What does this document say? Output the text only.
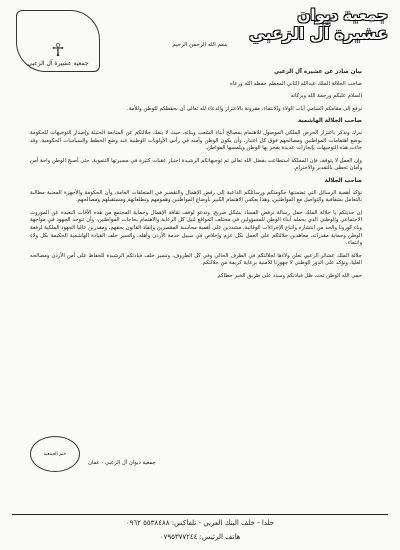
☥
جمعية عشيرة آل الزعبي
جمعية ديوان
عشيرة آل الزعبي
بسم الله الرحمن الرحيم

بيان صادر عن عشيرة آل الزعبي

صاحب الجلالة الملك عبدالله الثاني المعظم حفظه الله ورعاه

السلام عليكم ورحمة الله وبركاته

نرفع إلى مقامكم السامي آيات الولاء والانتماء، مقرونة بالاعتزاز والدعاء لله تعالى أن يحفظكم للوطن وللأمة.

صاحب الجلالة الهاشمية

نبرك ونذكر باعتزاز الحرص الملكي الموصول للاهتمام بمصالح أبناء الشعب وبنائه، حيث لا ينفك جلالتكم عن المتابعة الحثيثة وإصدار التوجيهات للحكومة بوضع اهتمامات المواطنين ومصالحهم فوق كل اعتبار، وأن يكون الوطن وأمنه في رأس الأولويات الوطنية عند وضع الخطط والسياسات الحكومية، وقد جاءت هذه التوجيهات بإنجازات عديدة يفخر بها الوطن ويلمسها المواطن.

وإن العمل لا يتوقف فإن المملكة استطاعت بفضل الله تعالى ثم توجيهاتكم الرشيدة اجتياز عقبات كثيرة في مسيرتها التنموية، حتى أصبح الوطن واحة أمن وأمان تحظى بالتقدير والاحترام.

صاحب الجلالة

نؤكد أهمية الرسائل التي تضمنتها حكومتكم ورسائلكم الداعية إلى رفض الإهمال والتقصير في المتعلقات العامة، وأن الحكومة والأجهزة المعنية مطالبة بالتعامل بشفافية والتواصل مع المواطنين، وهذا يعكس الاهتمام الكبير بأوضاع المواطنين وهمومهم وتطلعاتهم ومستقبلهم ومصالحهم.

إن حديثكم يا جلالة الملك حمل رسالة ترفض الفساد بشكل صريح، وتدعو لوقف ثقافة الإهمال وحماية المجتمع من هذه الآفات البعيدة عن الموروث الاجتماعي والوطني الذي يحمله أبناء الوطن للمسؤولين في مختلف المواقع لنيل كل الرعاية والاهتمام بحاجات المواطنين، وأن تتوحد الجهود في مواجهة وباء كورونا والحد من انتشاره واتباع الإجراءات الوقائية، مشددين على أهمية محاسبة المقصرين وإنفاذ القانون بحقهم، ومقدرين عاليا الجهود الملكية لرفعة الوطن وحماية مقدراته، معاهدين جلالتكم على العمل بكل عزم وإخلاص في سبيل خدمة الأردن وأهله، والسير خلف القيادة الهاشمية الحكيمة بكل ولاء وانتماء.

جلالة الملك عشائر الزعبي تعلن ولاءها لجلالتكم في الظرف الحالي وفي كل الظروف، وتسير خلف قيادتكم الرشيدة للحفاظ على أمن الأردن ومصالحه العليا، وتؤكد على الدور الوطني لا جهوزنا للأمنية برعاية كريمة من جلالتكم.

حمى الله الوطن تحت ظل قيادتكم وسدد على طريق الخير خطاكم

ختم الجمعية
جمعية ديوان آل الزعبي - عمان
خلدا - خلف البنك العربي - تلفاكس: ٥٥٣٨٤٨٨ ٠٩٦٢
هاتف الرئيس: ٠٧٩٥٣٧٧٢٤٤
